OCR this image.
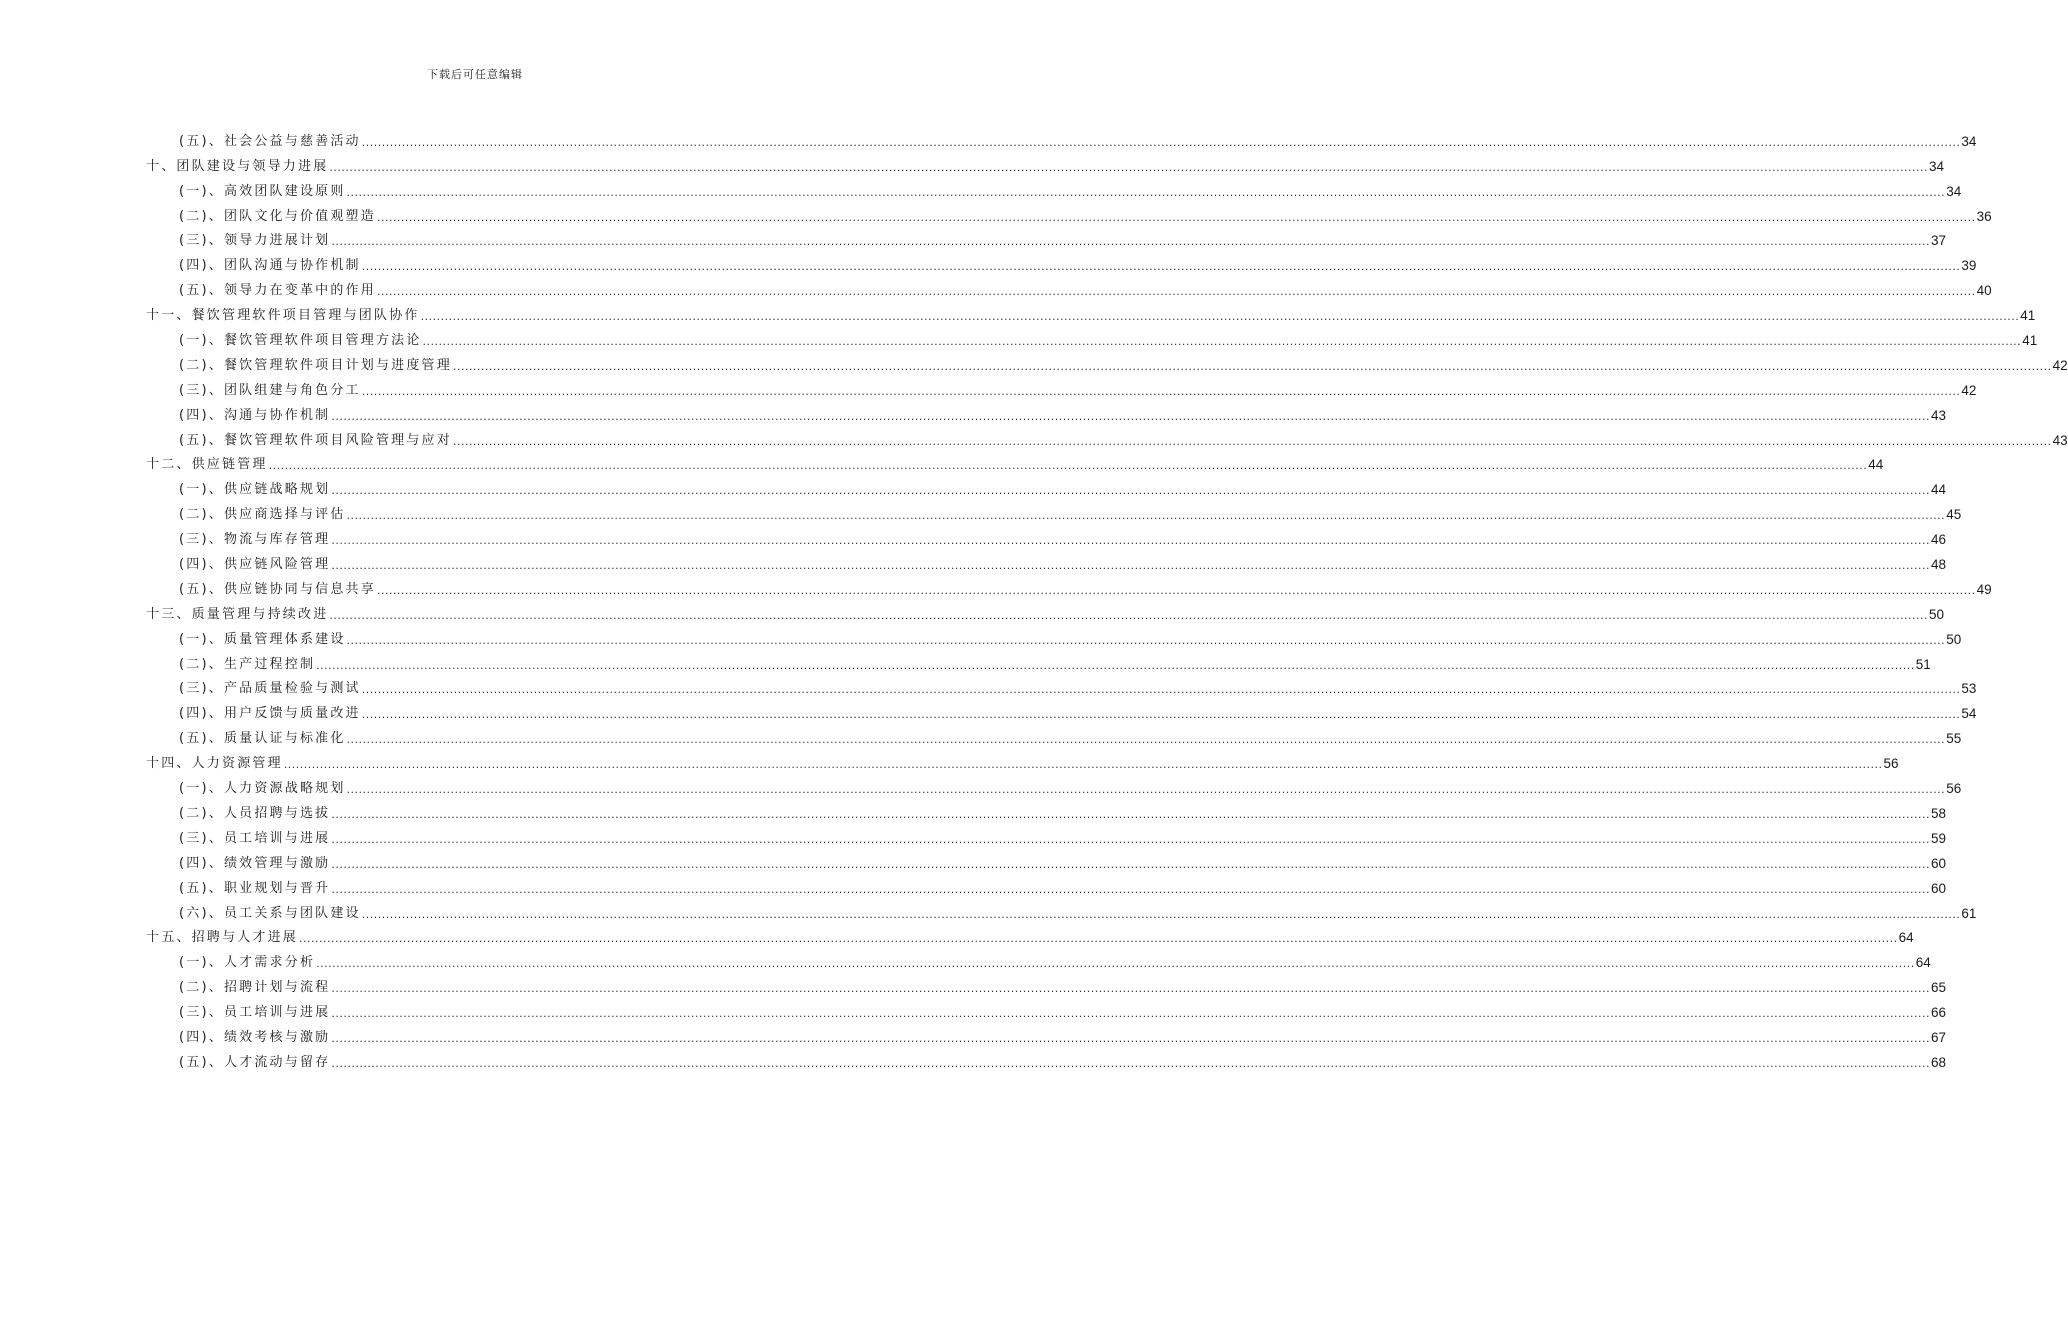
下载后可任意编辑
(五)、社会公益与慈善活动 ................................................................................................................................................................................................................................................................................................................................................................................................................ 34
十、团队建设与领导力进展 ................................................................................................................................................................................................................................................................................................................................................................................................................ 34
(一)、高效团队建设原则 ................................................................................................................................................................................................................................................................................................................................................................................................................ 34
(二)、团队文化与价值观塑造 ................................................................................................................................................................................................................................................................................................................................................................................................................ 36
(三)、领导力进展计划 ................................................................................................................................................................................................................................................................................................................................................................................................................ 37
(四)、团队沟通与协作机制 ................................................................................................................................................................................................................................................................................................................................................................................................................ 39
(五)、领导力在变革中的作用 ................................................................................................................................................................................................................................................................................................................................................................................................................ 40
十一、餐饮管理软件项目管理与团队协作 ................................................................................................................................................................................................................................................................................................................................................................................................................ 41
(一)、餐饮管理软件项目管理方法论 ................................................................................................................................................................................................................................................................................................................................................................................................................ 41
(二)、餐饮管理软件项目计划与进度管理 ................................................................................................................................................................................................................................................................................................................................................................................................................ 42
(三)、团队组建与角色分工 ................................................................................................................................................................................................................................................................................................................................................................................................................ 42
(四)、沟通与协作机制 ................................................................................................................................................................................................................................................................................................................................................................................................................ 43
(五)、餐饮管理软件项目风险管理与应对 ................................................................................................................................................................................................................................................................................................................................................................................................................ 43
十二、供应链管理 ................................................................................................................................................................................................................................................................................................................................................................................................................ 44
(一)、供应链战略规划 ................................................................................................................................................................................................................................................................................................................................................................................................................ 44
(二)、供应商选择与评估 ................................................................................................................................................................................................................................................................................................................................................................................................................ 45
(三)、物流与库存管理 ................................................................................................................................................................................................................................................................................................................................................................................................................ 46
(四)、供应链风险管理 ................................................................................................................................................................................................................................................................................................................................................................................................................ 48
(五)、供应链协同与信息共享 ................................................................................................................................................................................................................................................................................................................................................................................................................ 49
十三、质量管理与持续改进 ................................................................................................................................................................................................................................................................................................................................................................................................................ 50
(一)、质量管理体系建设 ................................................................................................................................................................................................................................................................................................................................................................................................................ 50
(二)、生产过程控制 ................................................................................................................................................................................................................................................................................................................................................................................................................ 51
(三)、产品质量检验与测试 ................................................................................................................................................................................................................................................................................................................................................................................................................ 53
(四)、用户反馈与质量改进 ................................................................................................................................................................................................................................................................................................................................................................................................................ 54
(五)、质量认证与标准化 ................................................................................................................................................................................................................................................................................................................................................................................................................ 55
十四、人力资源管理 ................................................................................................................................................................................................................................................................................................................................................................................................................ 56
(一)、人力资源战略规划 ................................................................................................................................................................................................................................................................................................................................................................................................................ 56
(二)、人员招聘与选拔 ................................................................................................................................................................................................................................................................................................................................................................................................................ 58
(三)、员工培训与进展 ................................................................................................................................................................................................................................................................................................................................................................................................................ 59
(四)、绩效管理与激励 ................................................................................................................................................................................................................................................................................................................................................................................................................ 60
(五)、职业规划与晋升 ................................................................................................................................................................................................................................................................................................................................................................................................................ 60
(六)、员工关系与团队建设 ................................................................................................................................................................................................................................................................................................................................................................................................................ 61
十五、招聘与人才进展 ................................................................................................................................................................................................................................................................................................................................................................................................................ 64
(一)、人才需求分析 ................................................................................................................................................................................................................................................................................................................................................................................................................ 64
(二)、招聘计划与流程 ................................................................................................................................................................................................................................................................................................................................................................................................................ 65
(三)、员工培训与进展 ................................................................................................................................................................................................................................................................................................................................................................................................................ 66
(四)、绩效考核与激励 ................................................................................................................................................................................................................................................................................................................................................................................................................ 67
(五)、人才流动与留存 ................................................................................................................................................................................................................................................................................................................................................................................................................ 68
